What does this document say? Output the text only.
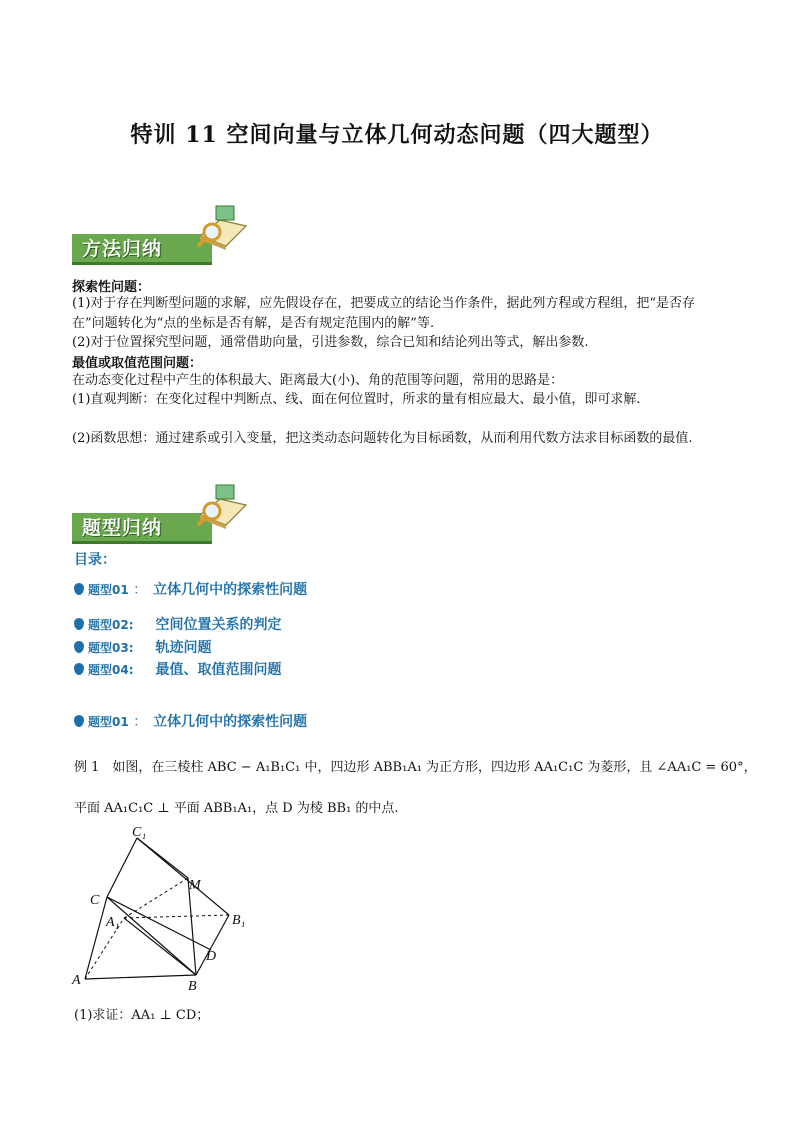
特训 11 空间向量与立体几何动态问题（四大题型）
方法归纳
探索性问题：
(1)对于存在判断型问题的求解，应先假设存在，把要成立的结论当作条件，据此列方程或方程组，把“是否存在”问题转化为“点的坐标是否有解，是否有规定范围内的解”等.
(2)对于位置探究型问题，通常借助向量，引进参数，综合已知和结论列出等式，解出参数.
最值或取值范围问题：
在动态变化过程中产生的体积最大、距离最大(小)、角的范围等问题，常用的思路是：
(1)直观判断：在变化过程中判断点、线、面在何位置时，所求的量有相应最大、最小值，即可求解.
(2)函数思想：通过建系或引入变量，把这类动态问题转化为目标函数，从而利用代数方法求目标函数的最值.
题型归纳
目录：
题型01 ： 立体几何中的探索性问题
题型02: 空间位置关系的判定
题型03: 轨迹问题
题型04: 最值、取值范围问题
题型01 ： 立体几何中的探索性问题
例 1　如图，在三棱柱 ABC − A₁B₁C₁ 中，四边形 ABB₁A₁ 为正方形，四边形 AA₁C₁C 为菱形，且 ∠AA₁C = 60°，
平面 AA₁C₁C ⊥ 平面 ABB₁A₁，点 D 为棱 BB₁ 的中点.
C₁
M
C
A₁	B₁
D
A	B
(1)求证：AA₁ ⊥ CD；
